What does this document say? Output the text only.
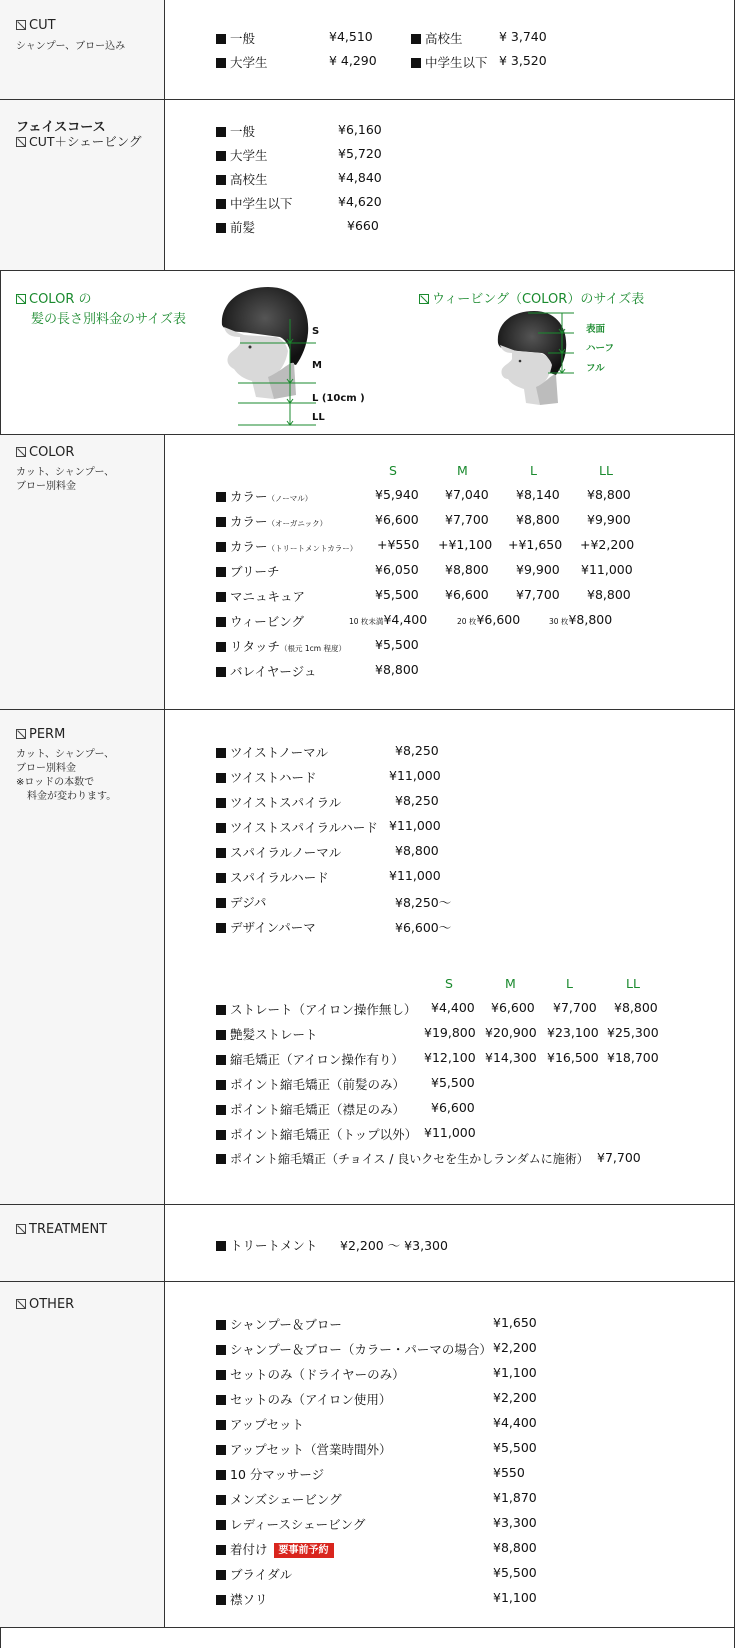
CUT
シャンプー、ブロー込み
一般	¥4,510	高校生	¥ 3,740
大学生	¥ 4,290	中学生以下 ¥ 3,520
フェイスコース
CUT＋シェービング
一般	¥6,160
大学生	¥5,720
高校生	¥4,840
中学生以下	¥4,620
前髪	¥660
COLOR の
髪の長さ別料金のサイズ表
ウィービング（COLOR）のサイズ表
S
M
L (10cm )
LL
表面
ハーフ
フル
COLOR
カット、シャンプー、
ブロー別料金
S	M	L	LL
カラー（ノーマル）	¥5,940 ¥7,040 ¥8,140 ¥8,800
カラー（オーガニック）	¥6,600 ¥7,700 ¥8,800 ¥9,900
カラー（トリートメントカラー） +¥550 +¥1,100 +¥1,650 +¥2,200
ブリーチ	¥6,050 ¥8,800 ¥9,900 ¥11,000
マニュキュア	¥5,500 ¥6,600 ¥7,700 ¥8,800
ウィービング	10 枚未満¥4,400	20 枚¥6,600	30 枚¥8,800
リタッチ（根元 1cm 程度） ¥5,500
バレイヤージュ	¥8,800
PERM
カット、シャンプー、
ブロー別料金
※ロッドの本数で
料金が変わります。
ツイストノーマル	¥8,250
ツイストハード	¥11,000
ツイストスパイラル	¥8,250
ツイストスパイラルハード ¥11,000
スパイラルノーマル	¥8,800
スパイラルハード	¥11,000
デジパ	¥8,250～
デザインパーマ	¥6,600～
S	M	L	LL
ストレート（アイロン操作無し） ¥4,400 ¥6,600 ¥7,700 ¥8,800
艶髪ストレート	¥19,800 ¥20,900 ¥23,100 ¥25,300
縮毛矯正（アイロン操作有り） ¥12,100 ¥14,300 ¥16,500 ¥18,700
ポイント縮毛矯正（前髪のみ） ¥5,500
ポイント縮毛矯正（襟足のみ） ¥6,600
ポイント縮毛矯正（トップ以外） ¥11,000
ポイント縮毛矯正（チョイス / 良いクセを生かしランダムに施術） ¥7,700
TREATMENT
トリートメント ¥2,200 ～ ¥3,300
OTHER
シャンプー＆ブロー	¥1,650
シャンプー＆ブロー（カラー・パーマの場合） ¥2,200
セットのみ（ドライヤーのみ）	¥1,100
セットのみ（アイロン使用）	¥2,200
アップセット	¥4,400
アップセット（営業時間外）	¥5,500
10 分マッサージ	¥550
メンズシェービング	¥1,870
レディースシェービング	¥3,300
着付け 要事前予約	¥8,800
ブライダル	¥5,500
襟ソリ	¥1,100
